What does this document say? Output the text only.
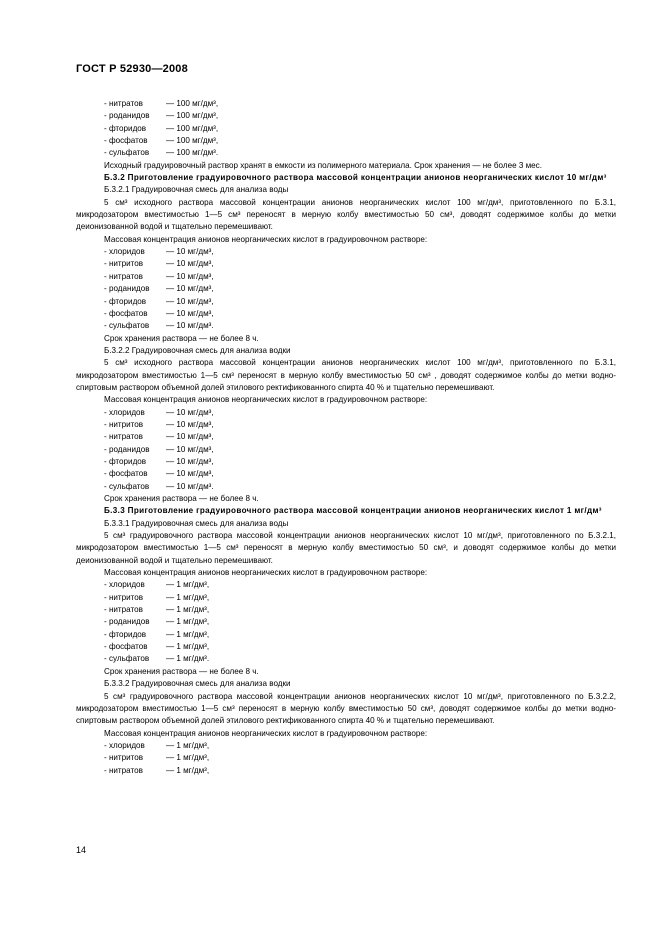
ГОСТ Р 52930—2008
- нитратов	— 100 мг/дм³,
- роданидов — 100 мг/дм³,
- фторидов — 100 мг/дм³,
- фосфатов — 100 мг/дм³,
- сульфатов — 100 мг/дм³.

Исходный градуировочный раствор хранят в емкости из полимерного материала. Срок хранения — не более 3 мес.

Б.3.2 Приготовление градуировочного раствора массовой концентрации анионов неорганических кислот 10 мг/дм³

Б.3.2.1 Градуировочная смесь для анализа воды

5 см³ исходного раствора массовой концентрации анионов неорганических кислот 100 мг/дм³, приготовленного по Б.3.1, микродозатором вместимостью 1—5 см³ переносят в мерную колбу вместимостью 50 см³, доводят содержимое колбы до метки деионизованной водой и тщательно перемешивают.

Массовая концентрация анионов неорганических кислот в градуировочном растворе:

- хлоридов	— 10 мг/дм³,
- нитритов	— 10 мг/дм³,
- нитратов	— 10 мг/дм³,
- роданидов — 10 мг/дм³,
- фторидов — 10 мг/дм³,
- фосфатов — 10 мг/дм³,
- сульфатов — 10 мг/дм³.

Срок хранения раствора — не более 8 ч.

Б.3.2.2 Градуировочная смесь для анализа водки

5 см³ исходного раствора массовой концентрации анионов неорганических кислот 100 мг/дм³, приготовленного по Б.3.1, микродозатором вместимостью 1—5 см³ переносят в мерную колбу вместимостью 50 см³ , доводят содержимое колбы до метки водно-спиртовым раствором объемной долей этилового ректификованного спирта 40 % и тщательно перемешивают.

Массовая концентрация анионов неорганических кислот в градуировочном растворе:

- хлоридов	— 10 мг/дм³,
- нитритов	— 10 мг/дм³,
- нитратов	— 10 мг/дм³,
- роданидов — 10 мг/дм³,
- фторидов — 10 мг/дм³,
- фосфатов — 10 мг/дм³,
- сульфатов — 10 мг/дм³.

Срок хранения раствора — не более 8 ч.

Б.3.3 Приготовление градуировочного раствора массовой концентрации анионов неорганических кислот 1 мг/дм³

Б.3.3.1 Градуировочная смесь для анализа воды

5 см³ градуировочного раствора массовой концентрации анионов неорганических кислот 10 мг/дм³, приготовленного по Б.3.2.1, микродозатором вместимостью 1—5 см³ переносят в мерную колбу вместимостью 50 см³, и доводят содержимое колбы до метки деионизованной водой и тщательно перемешивают.

Массовая концентрация анионов неорганических кислот в градуировочном растворе:

- хлоридов	— 1 мг/дм³,
- нитритов	— 1 мг/дм³,
- нитратов	— 1 мг/дм³,
- роданидов — 1 мг/дм³,
- фторидов — 1 мг/дм³,
- фосфатов — 1 мг/дм³,
- сульфатов — 1 мг/дм³.

Срок хранения раствора — не более 8 ч.

Б.3.3.2 Градуировочная смесь для анализа водки

5 см³ градуировочного раствора массовой концентрации анионов неорганических кислот 10 мг/дм³, приготовленного по Б.3.2.2, микродозатором вместимостью 1—5 см³ переносят в мерную колбу вместимостью 50 см³, доводят содержимое колбы до метки водно-спиртовым раствором объемной долей этилового ректификованного спирта 40 % и тщательно перемешивают.

Массовая концентрация анионов неорганических кислот в градуировочном растворе:

- хлоридов	— 1 мг/дм³,
- нитритов	— 1 мг/дм³,
- нитратов	— 1 мг/дм³,
14
